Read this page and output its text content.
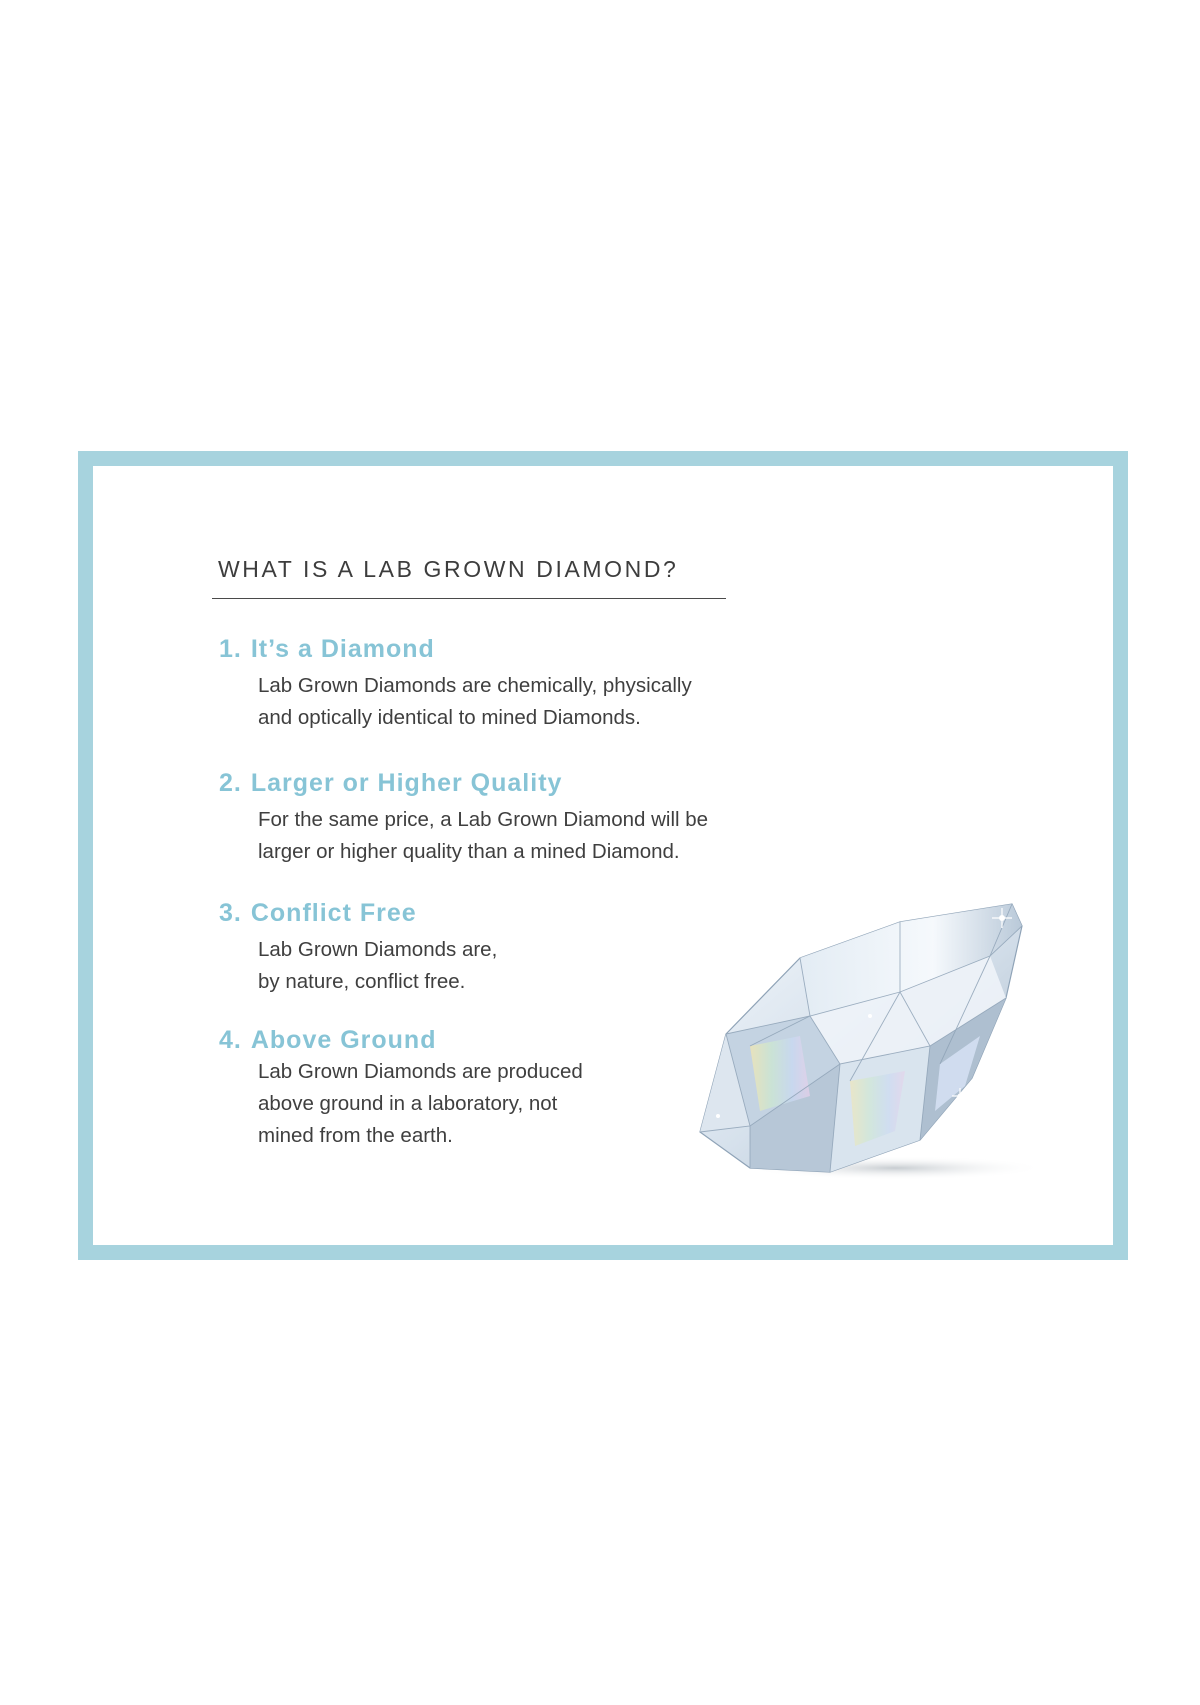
WHAT IS A LAB GROWN DIAMOND?
1. It’s a Diamond

Lab Grown Diamonds are chemically, physically
and optically identical to mined Diamonds.

2. Larger or Higher Quality

For the same price, a Lab Grown Diamond will be
larger or higher quality than a mined Diamond.

3. Conflict Free

Lab Grown Diamonds are,
by nature, conflict free.

4. Above Ground

Lab Grown Diamonds are produced
above ground in a laboratory, not
mined from the earth.
